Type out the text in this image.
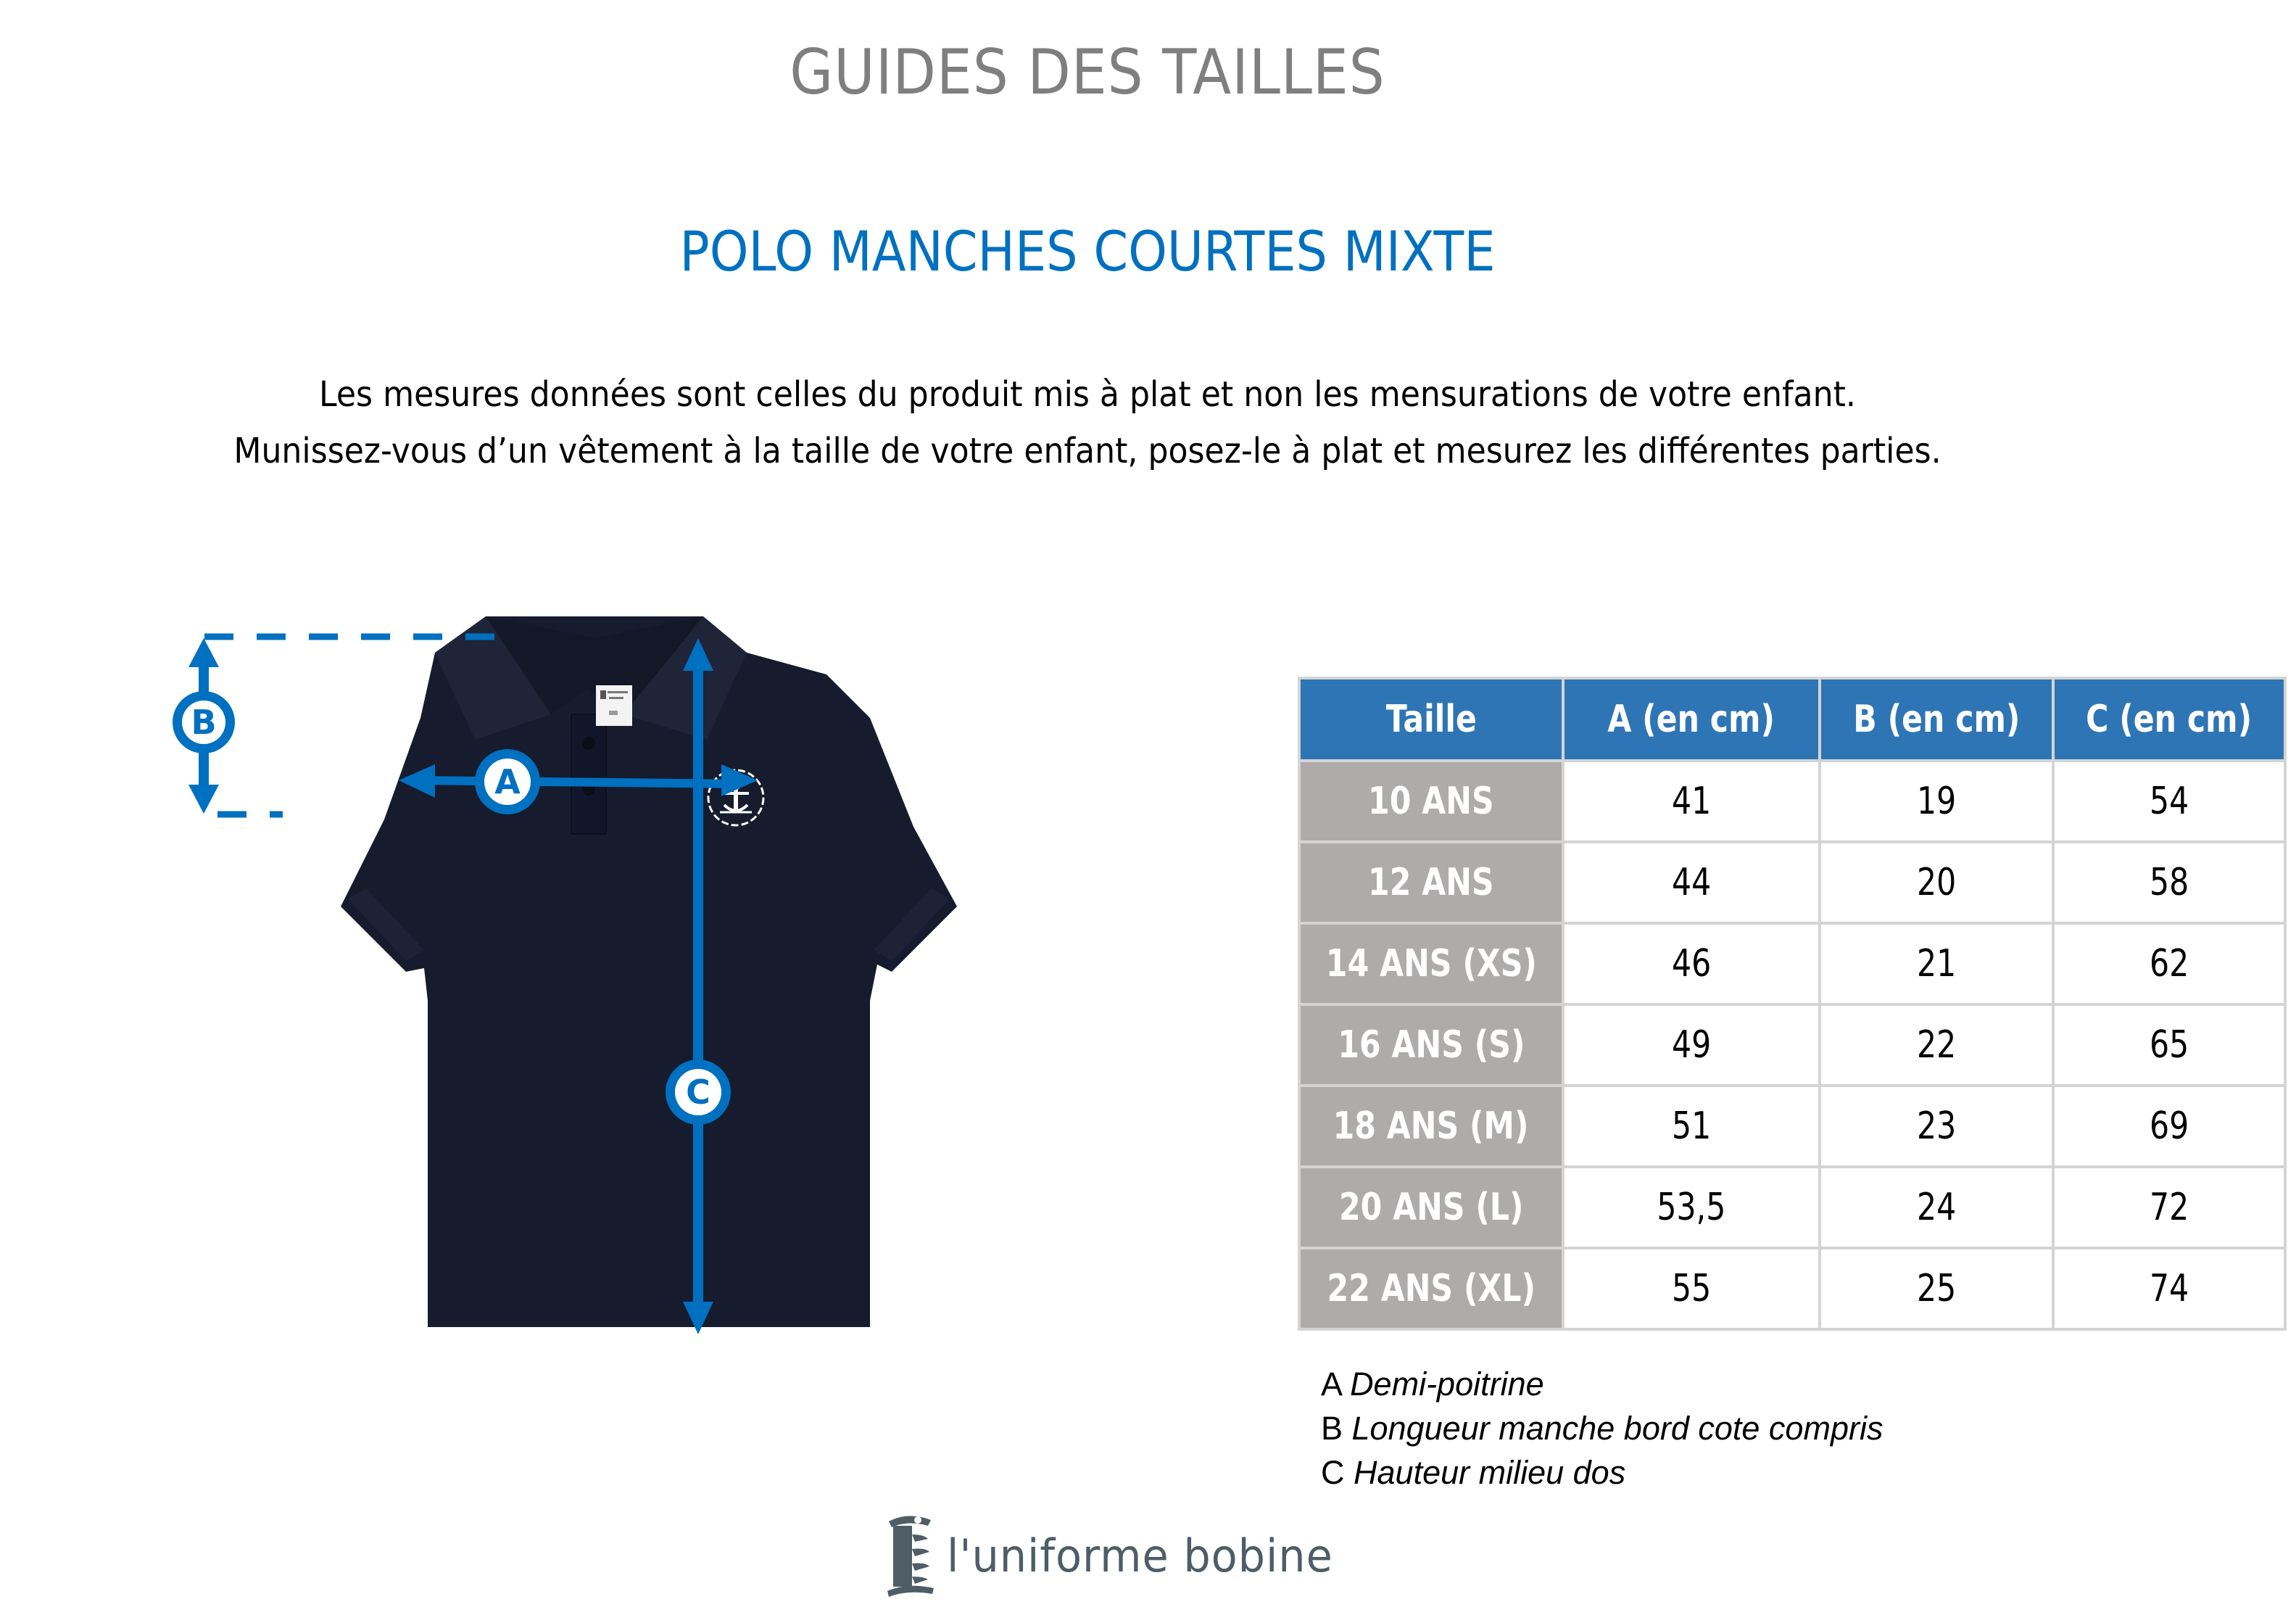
GUIDES DES TAILLES
POLO MANCHES COURTES MIXTE
Les mesures données sont celles du produit mis à plat et non les mensurations de votre enfant.
Munissez-vous d’un vêtement à la taille de votre enfant, posez-le à plat et mesurez les différentes parties.
B
A
C
Taille	A (en cm)	B (en cm)	C (en cm)
10 ANS	41	19	54
12 ANS	44	20	58
14 ANS (XS)	46	21	62
16 ANS (S)	49	22	65
18 ANS (M)	51	23	69
20 ANS (L)	53,5	24	72
22 ANS (XL)	55	25	74
A Demi-poitrine
B Longueur manche bord cote compris
C Hauteur milieu dos
l'uniforme bobine
